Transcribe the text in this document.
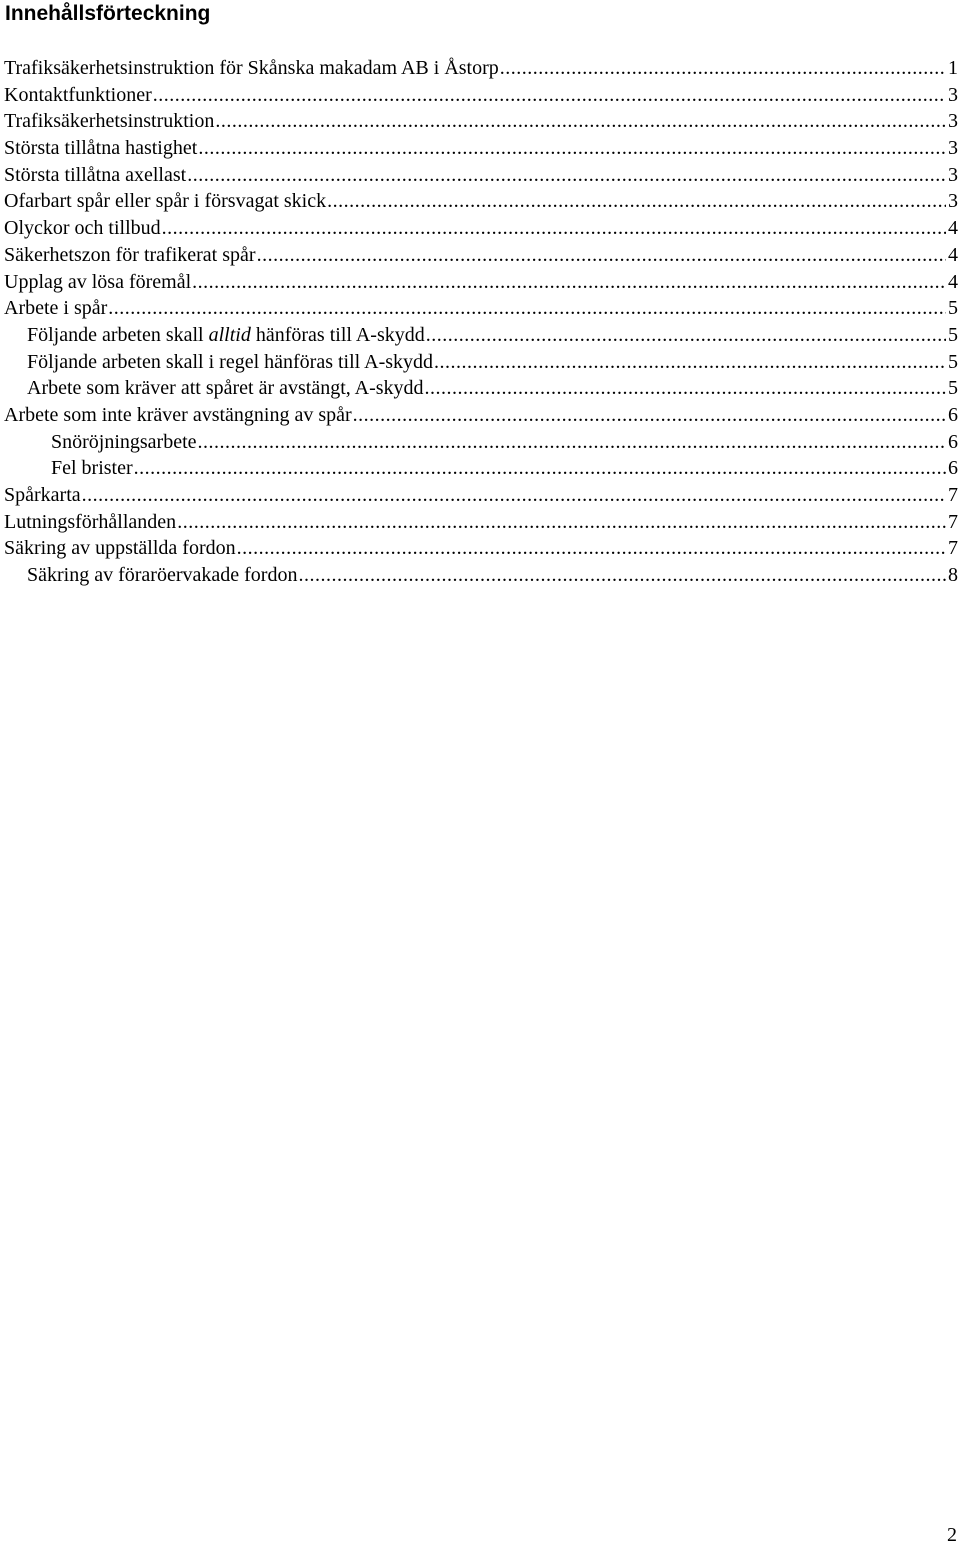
Innehållsförteckning
Trafiksäkerhetsinstruktion för Skånska makadam AB i Åstorp .....	1
Kontaktfunktioner .....	3
Trafiksäkerhetsinstruktion .....	3
Största tillåtna hastighet .....	3
Största tillåtna axellast .....	3
Ofarbart spår eller spår i försvagat skick .....	3
Olyckor och tillbud .....	4
Säkerhetszon för trafikerat spår .....	4
Upplag av lösa föremål .....	4
Arbete i spår .....	5
Följande arbeten skall alltid hänföras till A-skydd .....	5
Följande arbeten skall i regel hänföras till A-skydd .....	5
Arbete som kräver att spåret är avstängt, A-skydd .....	5
Arbete som inte kräver avstängning av spår .....	6
Snöröjningsarbete .....	6
Fel brister .....	6
Spårkarta .....	7
Lutningsförhållanden .....	7
Säkring av uppställda fordon .....	7
Säkring av föraröervakade fordon .....	8
2
